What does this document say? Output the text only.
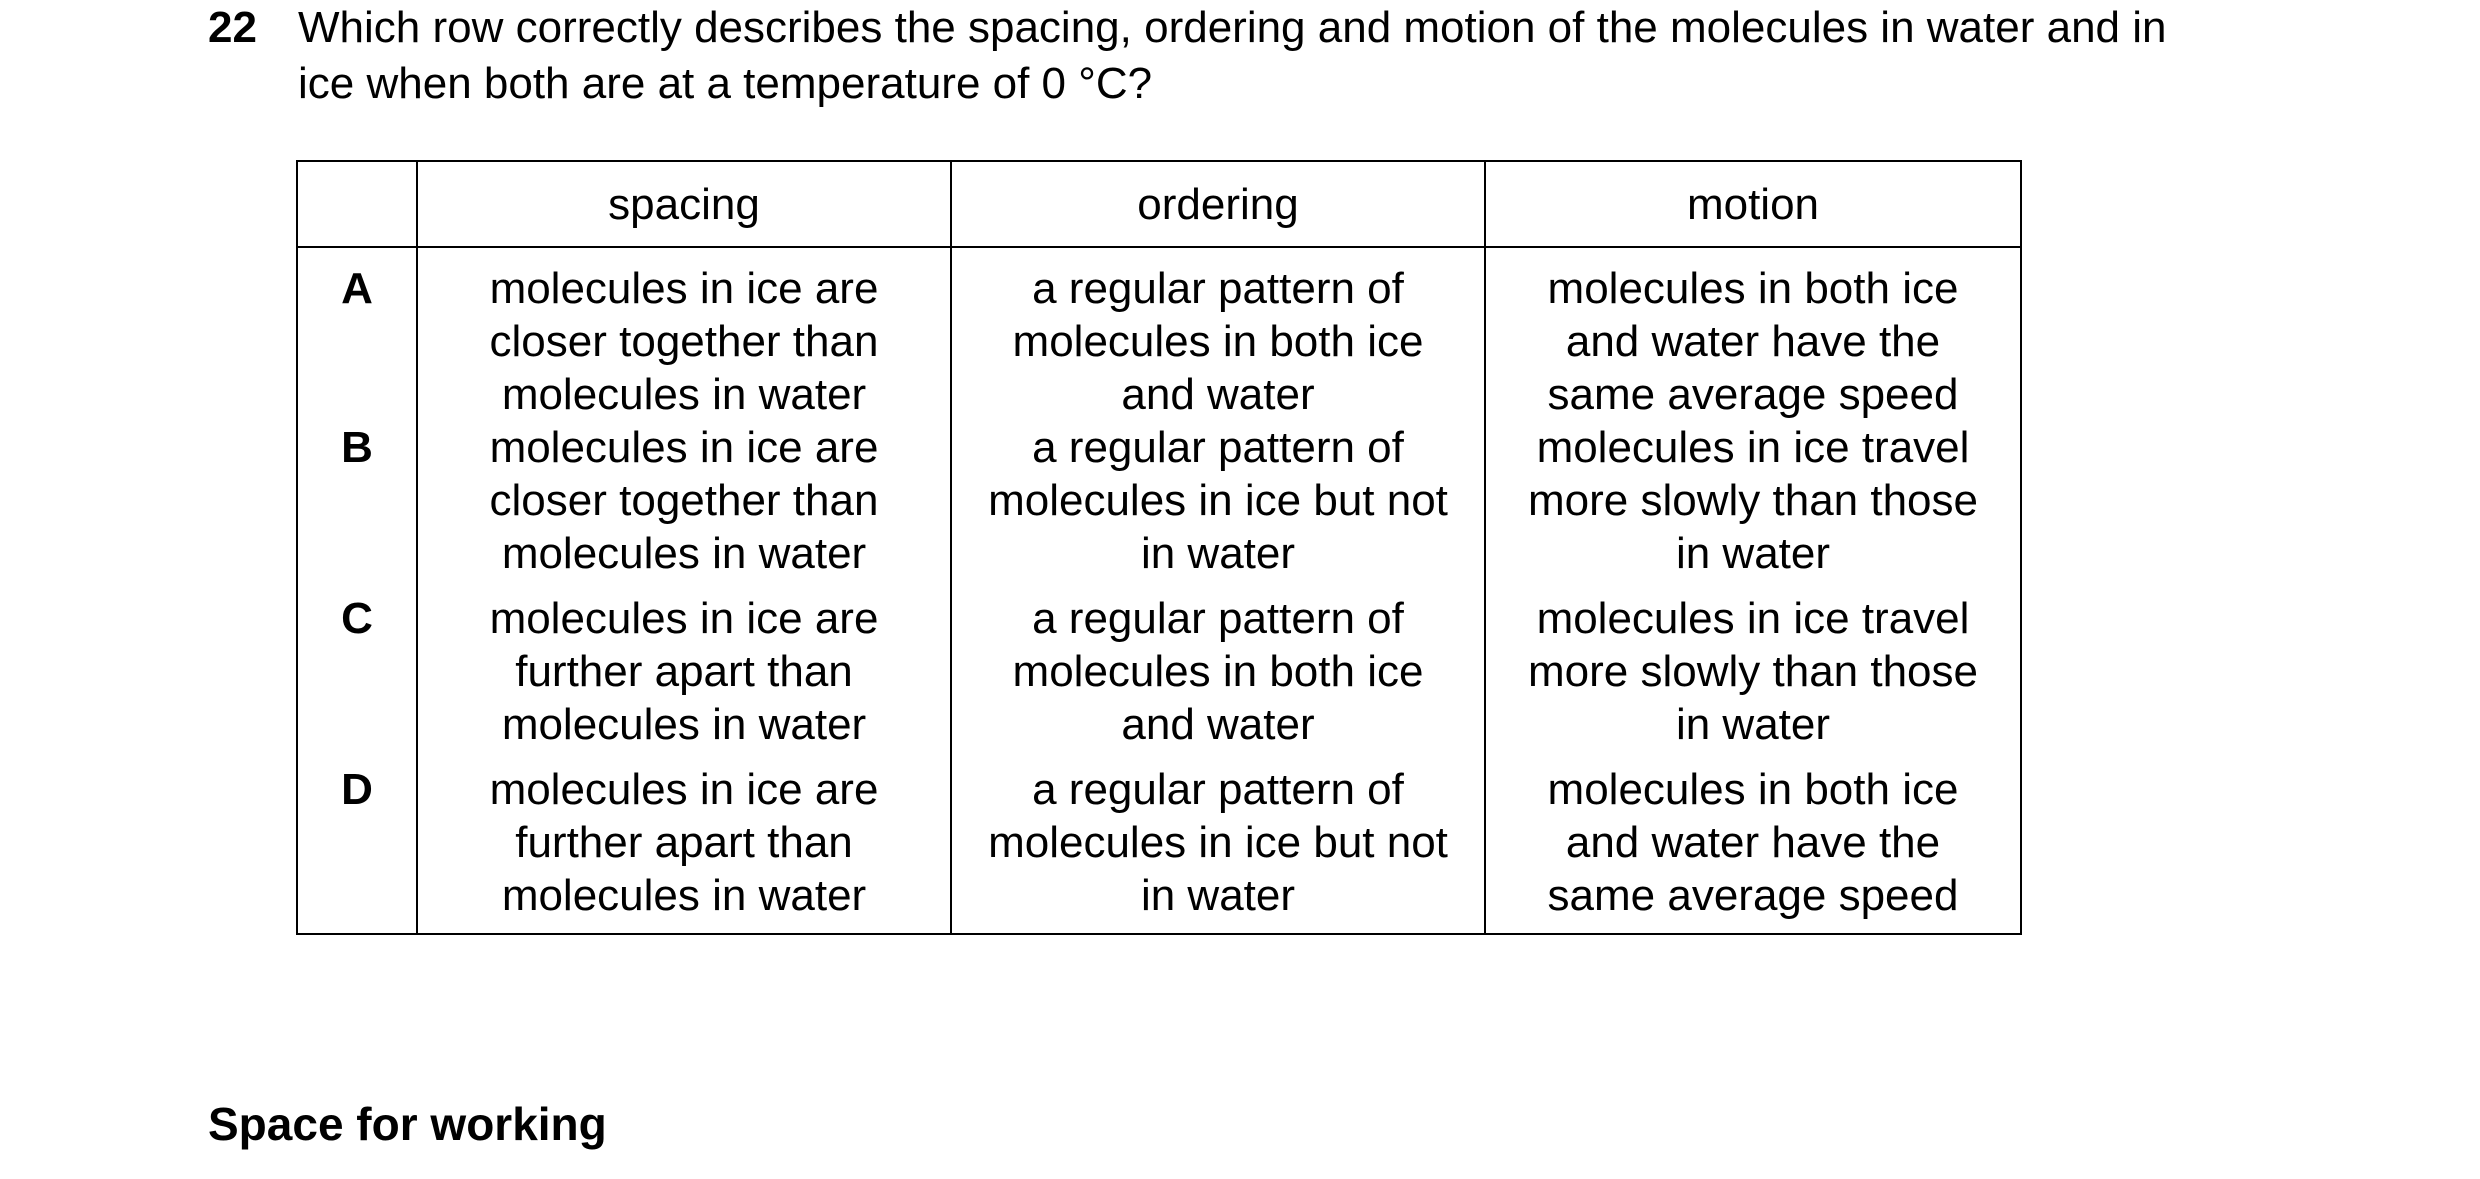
22 Which row correctly describes the spacing, ordering and motion of the molecules in water and in
ice when both are at a temperature of 0 °C?
	spacing	ordering	motion
A	molecules in ice are
closer together than
molecules in water	a regular pattern of
molecules in both ice
and water	molecules in both ice
and water have the
same average speed

B	molecules in ice are
closer together than
molecules in water	a regular pattern of
molecules in ice but not
in water	molecules in ice travel
more slowly than those
in water

C	molecules in ice are
further apart than
molecules in water	a regular pattern of
molecules in both ice
and water	molecules in ice travel
more slowly than those
in water

D	molecules in ice are
further apart than
molecules in water	a regular pattern of
molecules in ice but not
in water	molecules in both ice
and water have the
same average speed
Space for working
